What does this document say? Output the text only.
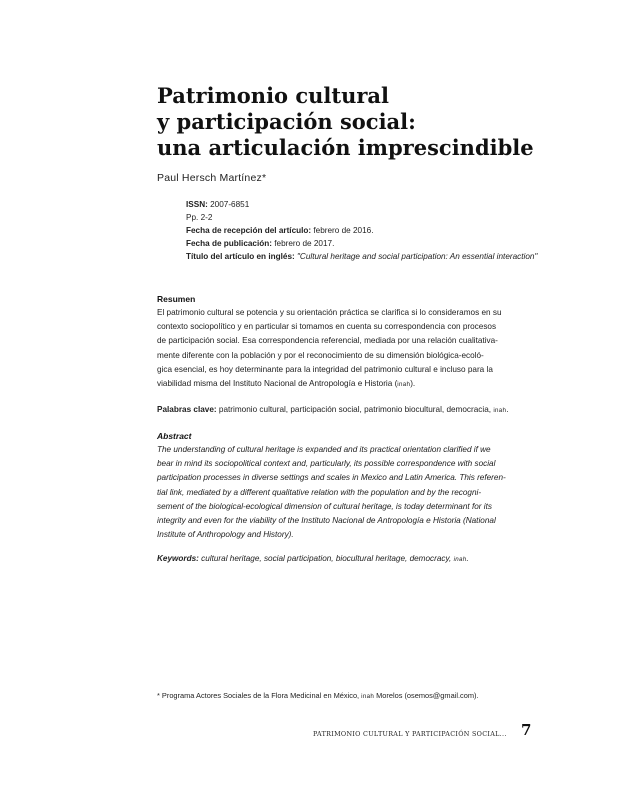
Patrimonio cultural
y participación social:
una articulación imprescindible
Paul Hersch Martínez*
ISSN: 2007-6851
Pp. 2-2
Fecha de recepción del artículo: febrero de 2016.
Fecha de publicación: febrero de 2017.
Título del artículo en inglés: "Cultural heritage and social participation: An essential interaction"
Resumen
El patrimonio cultural se potencia y su orientación práctica se clarifica si lo consideramos en su
contexto sociopolítico y en particular si tomamos en cuenta su correspondencia con procesos
de participación social. Esa correspondencia referencial, mediada por una relación cualitativa-
mente diferente con la población y por el reconocimiento de su dimensión biológica-ecoló-
gica esencial, es hoy determinante para la integridad del patrimonio cultural e incluso para la
viabilidad misma del Instituto Nacional de Antropología e Historia (inah).
Palabras clave: patrimonio cultural, participación social, patrimonio biocultural, democracia, inah.
Abstract
The understanding of cultural heritage is expanded and its practical orientation clarified if we
bear in mind its sociopolitical context and, particularly, its possible correspondence with social
participation processes in diverse settings and scales in Mexico and Latin America. This referen-
tial link, mediated by a different qualitative relation with the population and by the recogni-
sement of the biological-ecological dimension of cultural heritage, is today determinant for its
integrity and even for the viability of the Instituto Nacional de Antropología e Historia (National
Institute of Anthropology and History).
Keywords: cultural heritage, social participation, biocultural heritage, democracy, inah.
* Programa Actores Sociales de la Flora Medicinal en México, inah Morelos (osemos@gmail.com).
PATRIMONIO CULTURAL Y PARTICIPACIÓN SOCIAL... 7
